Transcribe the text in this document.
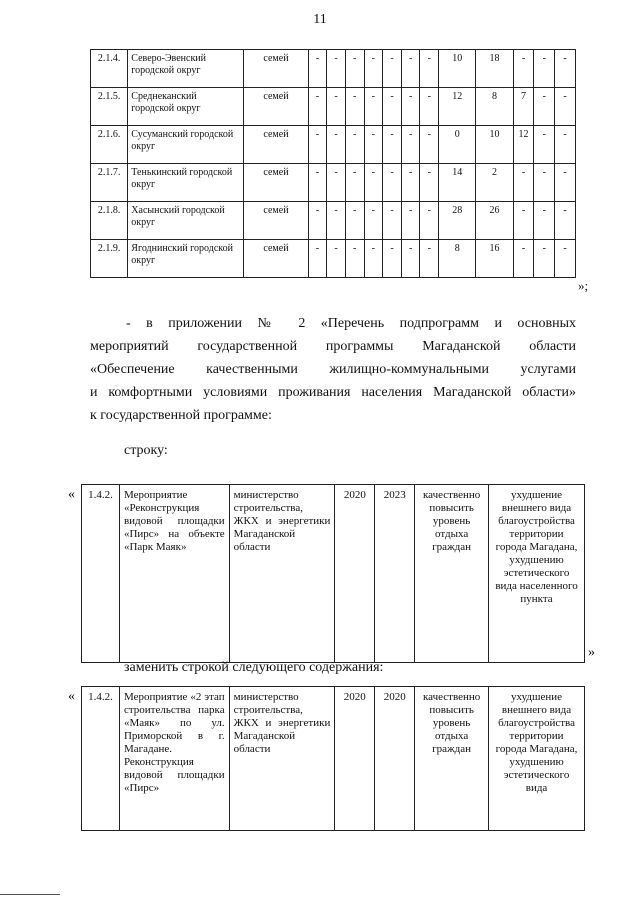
11
2.1.4.	Северо-Эвенский городской округ	семей	-	-	-	-	-	-	-	10	18	-	-	-
2.1.5.	Среднеканский городской округ	семей	-	-	-	-	-	-	-	12	8	7	-	-
2.1.6.	Сусуманский городской округ	семей	-	-	-	-	-	-	-	0	10	12	-	-
2.1.7.	Тенькинский городской округ	семей	-	-	-	-	-	-	-	14	2	-	-	-
2.1.8.	Хасынский городской округ	семей	-	-	-	-	-	-	-	28	26	-	-	-
2.1.9.	Ягоднинский городской округ	семей	-	-	-	-	-	-	-	8	16	-	-	-
»;
- в приложении № 2 «Перечень подпрограмм и основных
мероприятий государственной программы Магаданской области
«Обеспечение качественными жилищно-коммунальными услугами
и комфортными условиями проживания населения Магаданской области»
к государственной программе:
строку:
« 1.4.2.	Мероприятие «Реконструкция видовой площадки «Пирс» на объекте «Парк Маяк»	министерство строительства, ЖКХ и энергетики Магаданской области	2020	2023	качественно повысить уровень отдыха граждан	ухудшение внешнего вида благоустройства территории города Магадана, ухудшению эстетического вида населенного пункта
»
заменить строкой следующего содержания:
« 1.4.2.	Мероприятие «2 этап строительства парка «Маяк» по ул. Приморской в г. Магадане. Реконструкция видовой площадки «Пирс»	министерство строительства, ЖКХ и энергетики Магаданской области	2020	2020	качественно повысить уровень отдыха граждан	ухудшение внешнего вида благоустройства территории города Магадана, ухудшению эстетического вида
